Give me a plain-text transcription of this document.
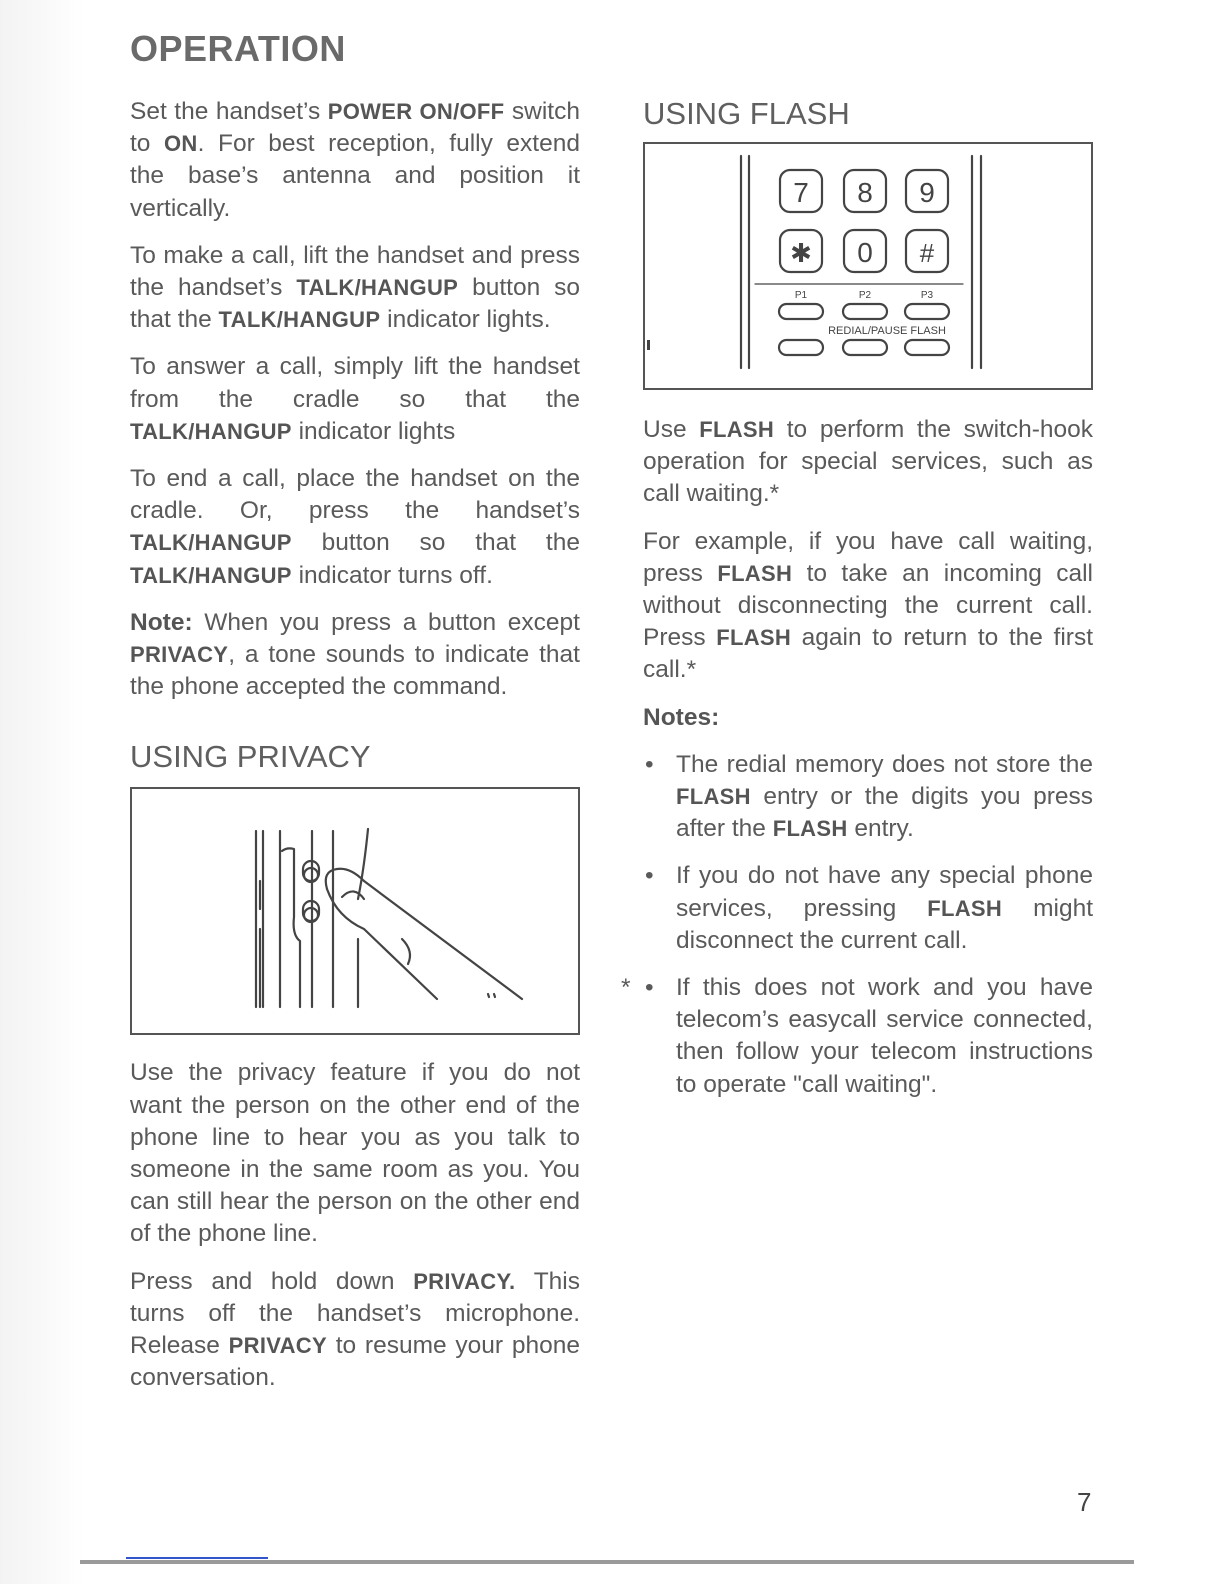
OPERATION

Set the handset’s POWER ON/OFF switch to ON. For best reception, fully extend the base’s antenna and position it vertically.

To make a call, lift the handset and press the handset’s TALK/HANGUP button so that the TALK/HANGUP indicator lights.

To answer a call, simply lift the handset from the cradle so that the TALK/HANGUP indicator lights

To end a call, place the handset on the cradle. Or, press the handset’s TALK/HANGUP button so that the TALK/HANGUP indicator turns off.

Note: When you press a button except PRIVACY, a tone sounds to indicate that the phone accepted the command.

USING PRIVACY

Use the privacy feature if you do not want the person on the other end of the phone line to hear you as you talk to someone in the same room as you. You can still hear the person on the other end of the phone line.

Press and hold down PRIVACY. This turns off the handset’s microphone. Release PRIVACY to resume your phone conversation.

USING FLASH
7 8 9
✱ 0 #
P1	P2	P3
REDIAL/PAUSE FLASH

Use FLASH to perform the switch-hook operation for special services, such as call waiting.*

For example, if you have call waiting, press FLASH to take an incoming call without disconnecting the current call. Press FLASH again to return to the first call.*

Notes:

• The redial memory does not store the FLASH entry or the digits you press after the FLASH entry.
• If you do not have any special phone services, pressing FLASH might disconnect the current call.
* • If this does not work and you have telecom’s easycall service connected, then follow your telecom instructions to operate "call waiting".
7
